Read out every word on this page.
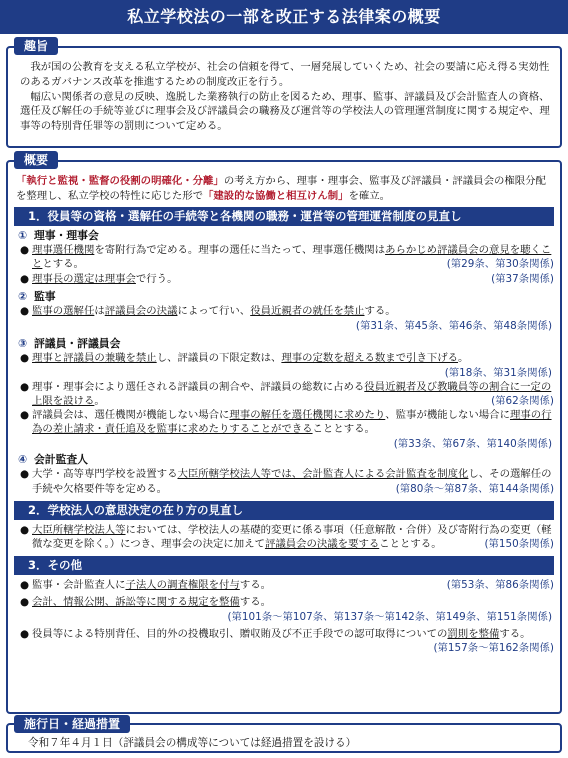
私立学校法の一部を改正する法律案の概要
趣旨

我が国の公教育を支える私立学校が、社会の信頼を得て、一層発展していくため、社会の要請に応え得る実効性のあるガバナンス改革を推進するための制度改正を行う。

幅広い関係者の意見の反映、逸脱した業務執行の防止を図るため、理事、監事、評議員及び会計監査人の資格、選任及び解任の手続等並びに理事会及び評議員会の職務及び運営等の学校法人の管理運営制度に関する規定や、理事等の特別背任罪等の罰則について定める。

概要
「執行と監視・監督の役割の明確化・分離」の考え方から、理事・理事会、監事及び評議員・評議員会の権限分配を整理し、私立学校の特性に応じた形で「建設的な協働と相互けん制」を確立。
1．役員等の資格・選解任の手続等と各機関の職務・運営等の管理運営制度の見直し
① 理事・理事会
● 理事選任機関を寄附行為で定める。理事の選任に当たって、理事選任機関はあらかじめ評議員会の意見を聴くこととする。	(第29条、第30条関係)
● 理事長の選定は理事会で行う。	(第37条関係)
② 監事
● 監事の選解任は評議員会の決議によって行い、役員近親者の就任を禁止する。
(第31条、第45条、第46条、第48条関係)
③ 評議員・評議員会
● 理事と評議員の兼職を禁止し、評議員の下限定数は、理事の定数を超える数まで引き下げる。
(第18条、第31条関係)
● 理事・理事会により選任される評議員の割合や、評議員の総数に占める役員近親者及び教職員等の割合に一定の上限を設ける。	(第62条関係)
● 評議員会は、選任機関が機能しない場合に理事の解任を選任機関に求めたり、監事が機能しない場合に理事の行為の差止請求・責任追及を監事に求めたりすることができることとする。
(第33条、第67条、第140条関係)
④ 会計監査人
● 大学・高等専門学校を設置する大臣所轄学校法人等では、会計監査人による会計監査を制度化し、その選解任の手続や欠格要件等を定める。	(第80条～第87条、第144条関係)
2．学校法人の意思決定の在り方の見直し
● 大臣所轄学校法人等においては、学校法人の基礎的変更に係る事項（任意解散・合併）及び寄附行為の変更（軽微な変更を除く。）につき、理事会の決定に加えて評議員会の決議を要することとする。	(第150条関係)
3．その他
● 監事・会計監査人に子法人の調査権限を付与する。	(第53条、第86条関係)
● 会計、情報公開、訴訟等に関する規定を整備する。
(第101条～第107条、第137条～第142条、第149条、第151条関係)
● 役員等による特別背任、目的外の投機取引、贈収賄及び不正手段での認可取得についての罰則を整備する。
(第157条～第162条関係)
施行日・経過措置
令和７年４月１日（評議員会の構成等については経過措置を設ける）
